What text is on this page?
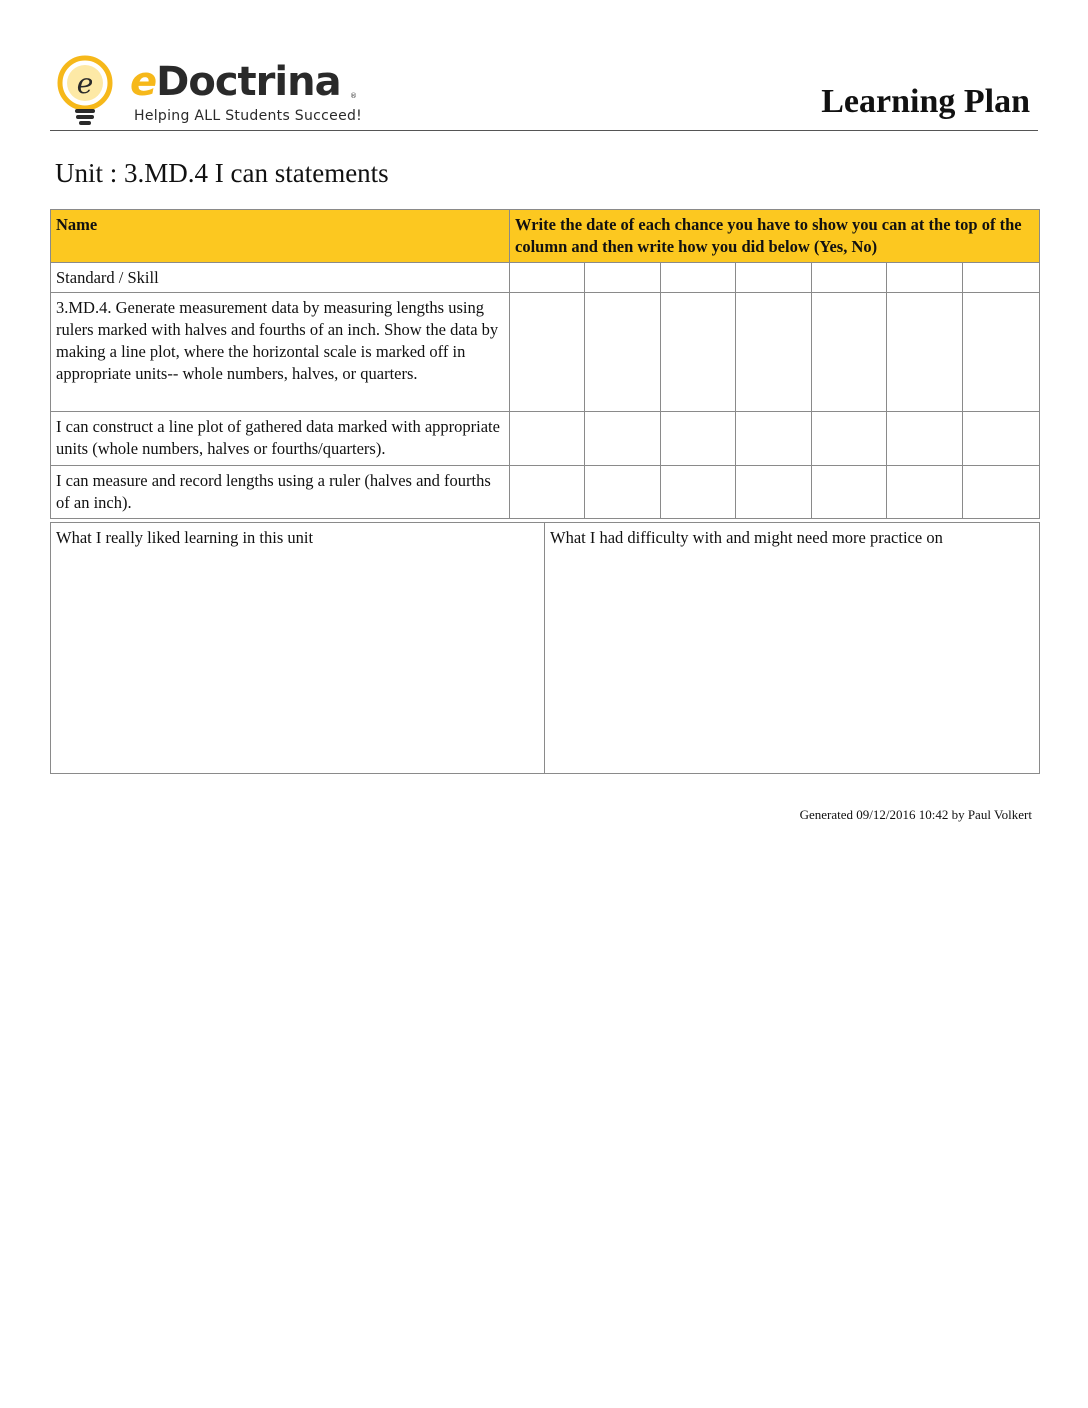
e eDoctrina ®
Helping ALL Students Succeed!	Learning Plan
Unit : 3.MD.4 I can statements
Name	Write the date of each chance you have to show you can at the top of the column and then write how you did below (Yes, No)						
Standard / Skill							
3.MD.4. Generate measurement data by measuring lengths using rulers marked with halves and fourths of an inch. Show the data by making a line plot, where the horizontal scale is marked off in appropriate units-- whole numbers, halves, or quarters.							
I can construct a line plot of gathered data marked with appropriate units (whole numbers, halves or fourths/quarters).							
I can measure and record lengths using a ruler (halves and fourths of an inch).							
What I really liked learning in this unit	What I had difficulty with and might need more practice on
Generated 09/12/2016 10:42 by Paul Volkert
